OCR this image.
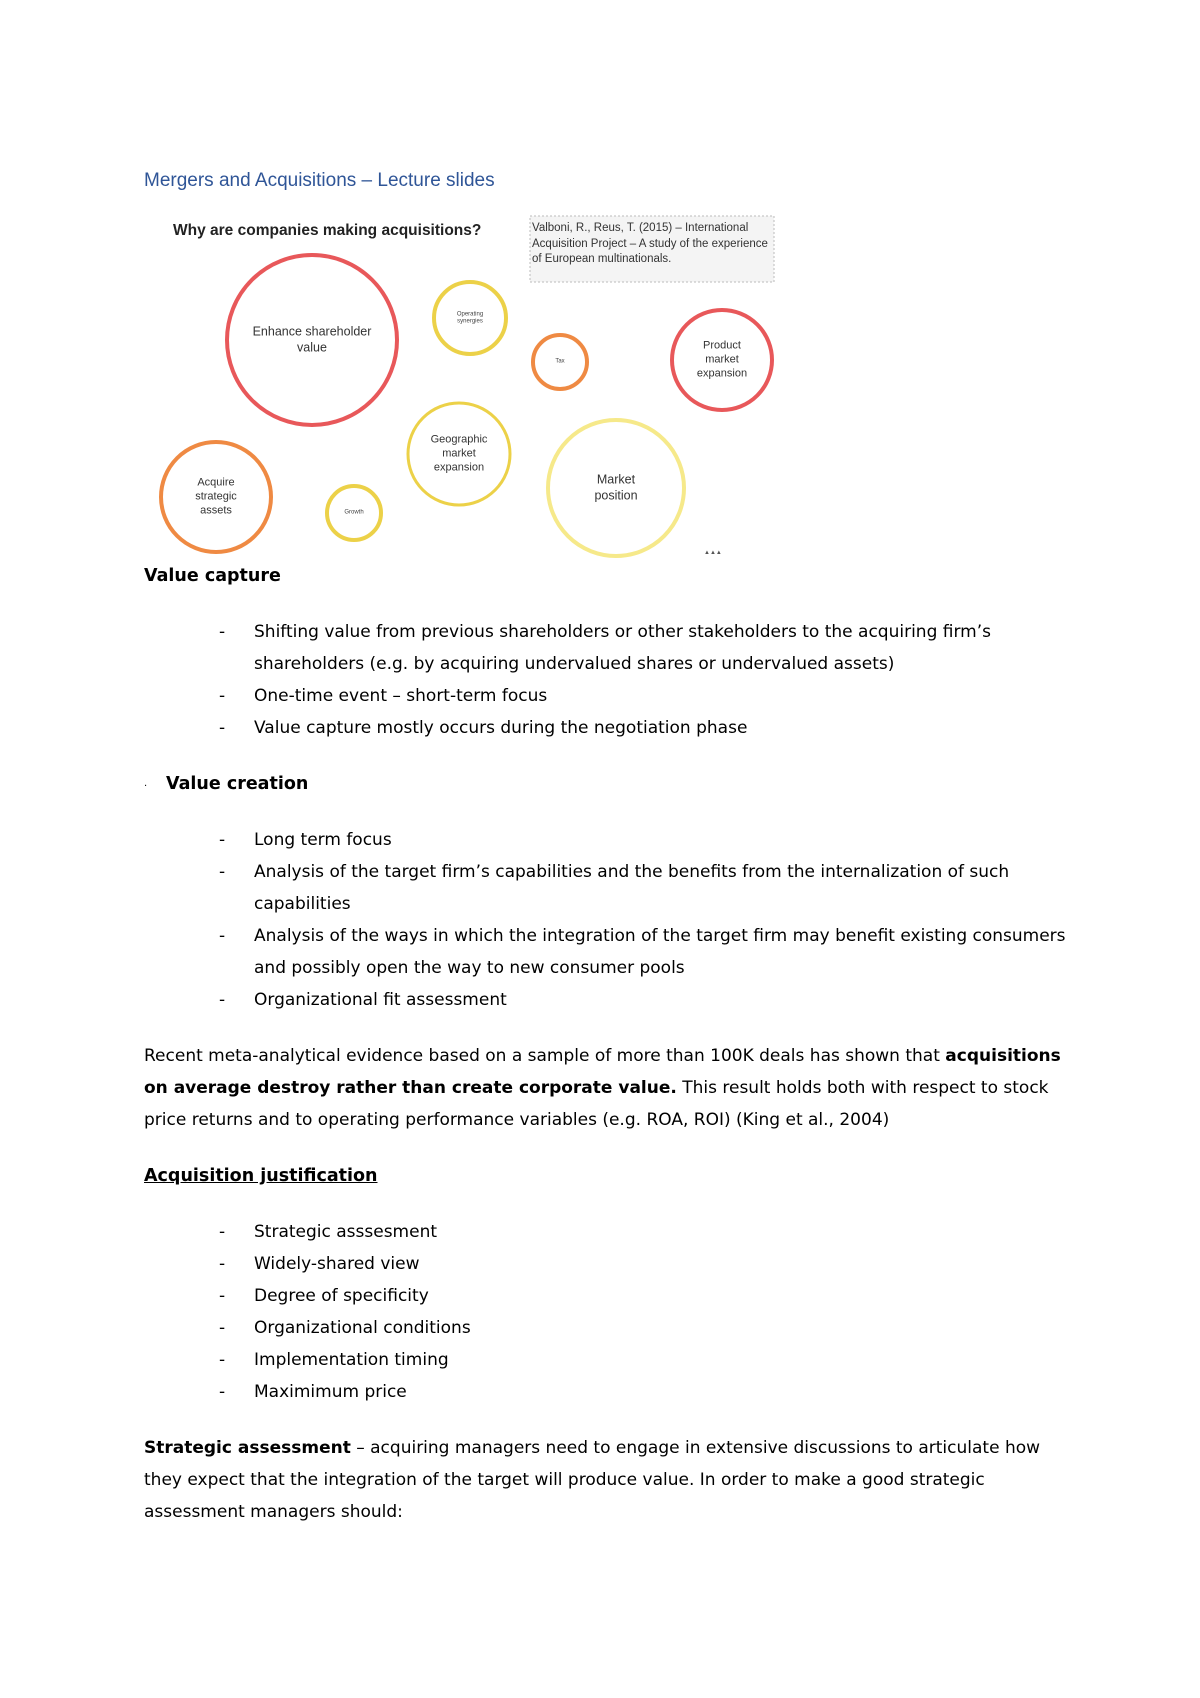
Mergers and Acquisitions – Lecture slides
Why are companies making acquisitions?	Valboni, R., Reus, T. (2015) – International Acquisition Project – A study of the experience of European multinationals.
Enhance shareholder value
Operating synergies
Tax
Product market expansion
Geographic market expansion
Market position
Acquire strategic assets	Growth
▲▲▲

Value capture

- Shifting value from previous shareholders or other stakeholders to the acquiring firm’s shareholders (e.g. by acquiring undervalued shares or undervalued assets)
- One-time event – short-term focus
- Value capture mostly occurs during the negotiation phase

. Value creation

- Long term focus
- Analysis of the target firm’s capabilities and the benefits from the internalization of such capabilities
- Analysis of the ways in which the integration of the target firm may benefit existing consumers and possibly open the way to new consumer pools
- Organizational fit assessment

Recent meta-analytical evidence based on a sample of more than 100K deals has shown that acquisitions on average destroy rather than create corporate value. This result holds both with respect to stock price returns and to operating performance variables (e.g. ROA, ROI) (King et al., 2004)

Acquisition justification

- Strategic asssesment
- Widely-shared view
- Degree of specificity
- Organizational conditions
- Implementation timing
- Maximimum price

Strategic assessment – acquiring managers need to engage in extensive discussions to articulate how they expect that the integration of the target will produce value. In order to make a good strategic assessment managers should:
